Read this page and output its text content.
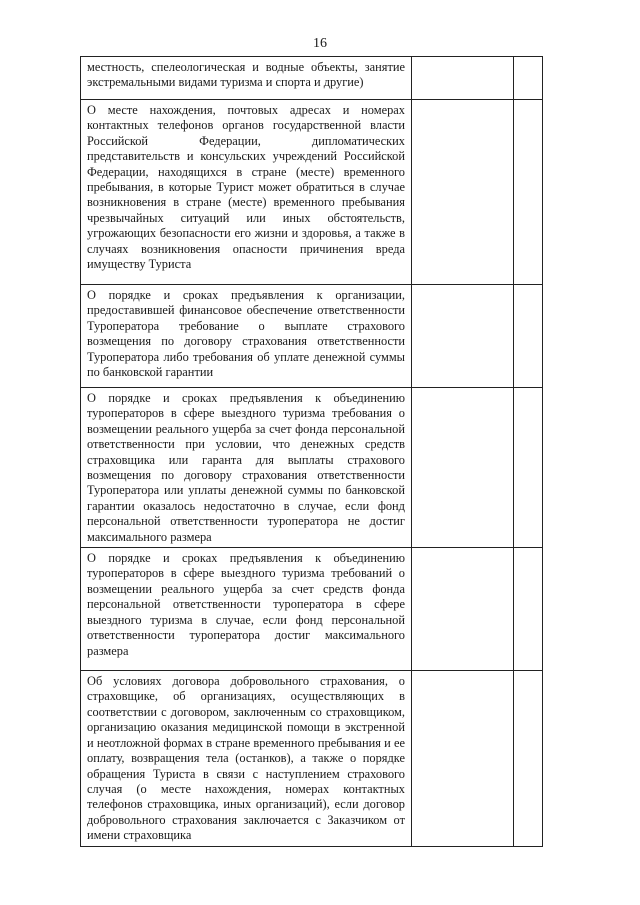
16
местность, спелеологическая и водные объекты, занятие экстремальными видами туризма и спорта и другие)		
О месте нахождения, почтовых адресах и номерах контактных телефонов органов государственной власти Российской Федерации, дипломатических представительств и консульских учреждений Российской Федерации, находящихся в стране (месте) временного пребывания, в которые Турист может обратиться в случае возникновения в стране (месте) временного пребывания чрезвычайных ситуаций или иных обстоятельств, угрожающих безопасности его жизни и здоровья, а также в случаях возникновения опасности причинения вреда имуществу Туриста		
О порядке и сроках предъявления к организации, предоставившей финансовое обеспечение ответственности Туроператора требование о выплате страхового возмещения по договору страхования ответственности Туроператора либо требования об уплате денежной суммы по банковской гарантии		
О порядке и сроках предъявления к объединению туроператоров в сфере выездного туризма требования о возмещении реального ущерба за счет фонда персональной ответственности при условии, что денежных средств страховщика или гаранта для выплаты страхового возмещения по договору страхования ответственности Туроператора или уплаты денежной суммы по банковской гарантии оказалось недостаточно в случае, если фонд персональной ответственности туроператора не достиг максимального размера		
О порядке и сроках предъявления к объединению туроператоров в сфере выездного туризма требований о возмещении реального ущерба за счет средств фонда персональной ответственности туроператора в сфере выездного туризма в случае, если фонд персональной ответственности туроператора достиг максимального размера		
Об условиях договора добровольного страхования, о страховщике, об организациях, осуществляющих в соответствии с договором, заключенным со страховщиком, организацию оказания медицинской помощи в экстренной и неотложной формах в стране временного пребывания и ее оплату, возвращения тела (останков), а также о порядке обращения Туриста в связи с наступлением страхового случая (о месте нахождения, номерах контактных телефонов страховщика, иных организаций), если договор добровольного страхования заключается с Заказчиком от имени страховщика		
